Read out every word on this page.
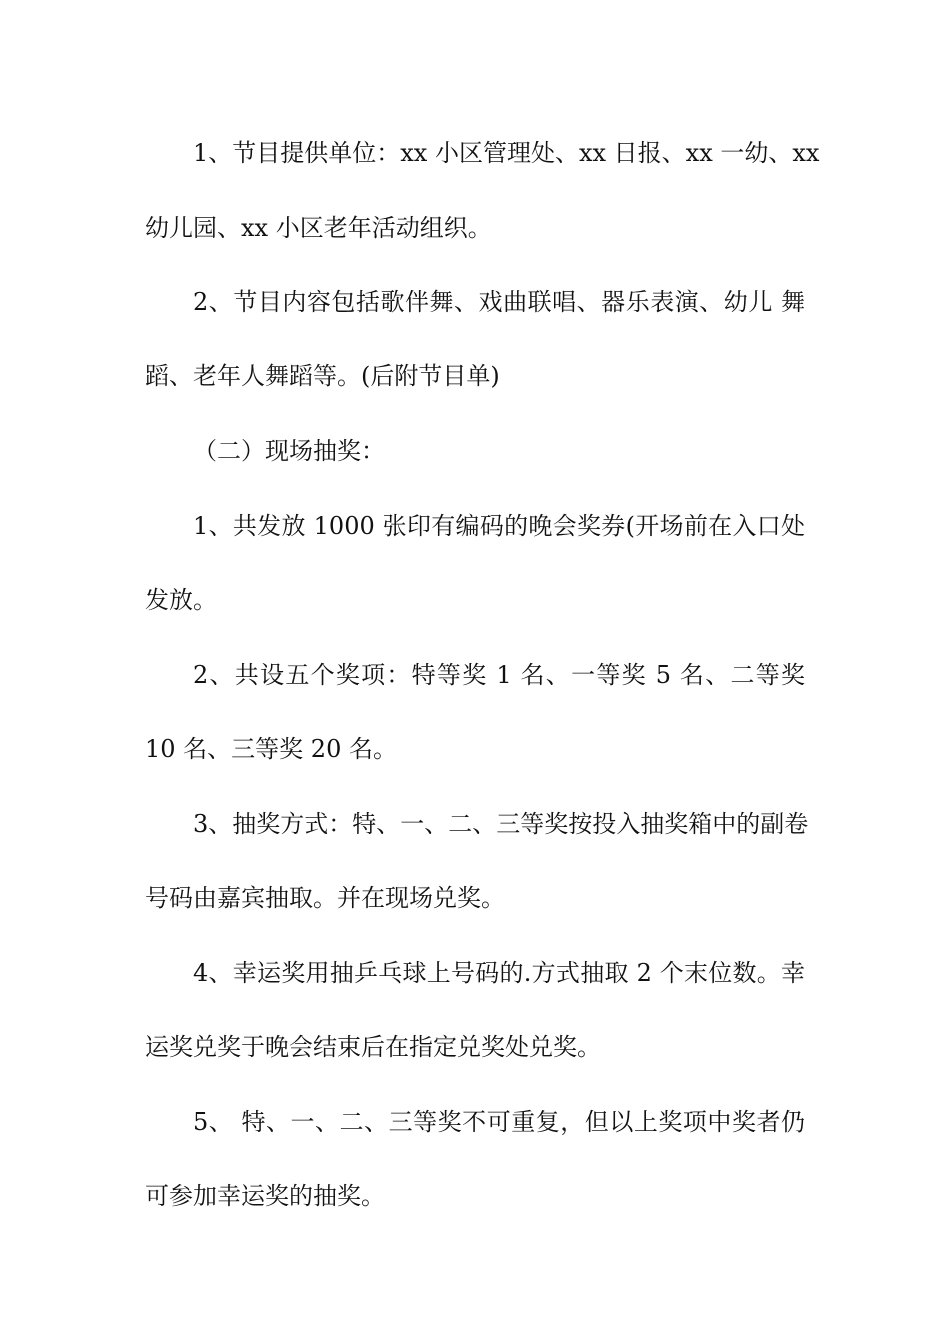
1、节目提供单位：xx 小区管理处、xx 日报、xx 一幼、xx
幼儿园、xx 小区老年活动组织。
2、节目内容包括歌伴舞、戏曲联唱、器乐表演、幼儿 舞
蹈、老年人舞蹈等。(后附节目单)
（二）现场抽奖：
1、共发放 1000 张印有编码的晚会奖券(开场前在入口处
发放。
2、共设五个奖项：特等奖 1 名、一等奖 5 名、二等奖
10 名、三等奖 20 名。
3、抽奖方式：特、一、二、三等奖按投入抽奖箱中的副卷
号码由嘉宾抽取。并在现场兑奖。
4、幸运奖用抽乒乓球上号码的.方式抽取 2 个末位数。幸
运奖兑奖于晚会结束后在指定兑奖处兑奖。
5、 特、一、二、三等奖不可重复，但以上奖项中奖者仍
可参加幸运奖的抽奖。
